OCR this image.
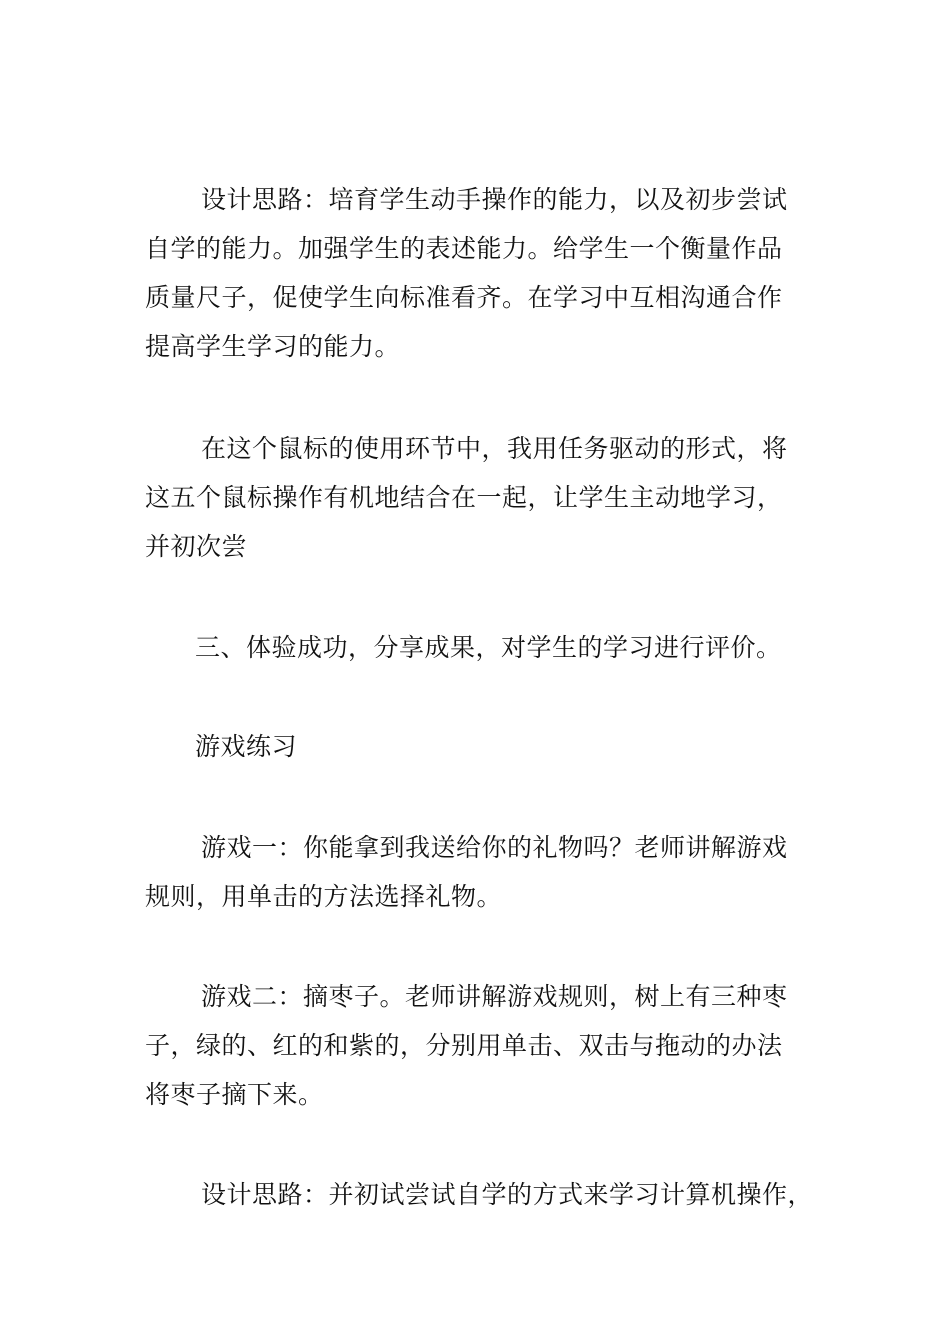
设计思路：培育学生动手操作的能力，以及初步尝试
自学的能力。加强学生的表述能力。给学生一个衡量作品
质量尺子，促使学生向标准看齐。在学习中互相沟通合作
提高学生学习的能力。
在这个鼠标的使用环节中，我用任务驱动的形式，将
这五个鼠标操作有机地结合在一起，让学生主动地学习，
并初次尝
三、体验成功，分享成果，对学生的学习进行评价。
游戏练习
游戏一：你能拿到我送给你的礼物吗？老师讲解游戏
规则，用单击的方法选择礼物。
游戏二：摘枣子。老师讲解游戏规则，树上有三种枣
子，绿的、红的和紫的，分别用单击、双击与拖动的办法
将枣子摘下来。
设计思路：并初试尝试自学的方式来学习计算机操作，
